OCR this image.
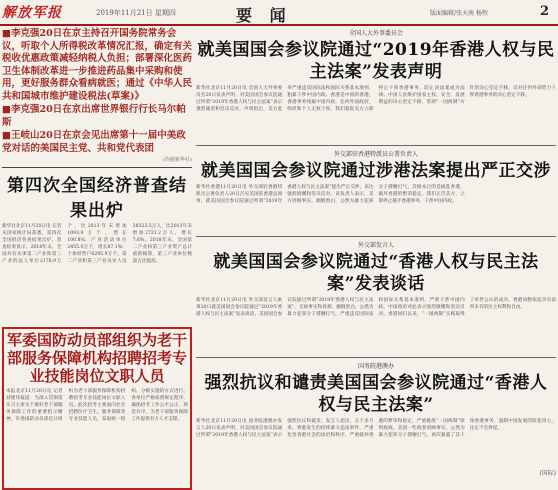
解放军报	2019年11月21日 星期四	要 闻	版面编辑/张天南 杨煦	2

■李克强20日在京主持召开国务院常务会议，听取个人所得税改革情况汇报，确定有关税收优惠政策减轻纳税人负担；部署深化医药卫生体制改革进一步推进药品集中采购和使用，更好服务群众看病就医；通过《中华人民共和国城市维护建设税法(草案)》

■李克强20日在京出席世界银行行长马尔帕斯

■王岐山20日在京会见出席第十一届中美政党对话的美国民主党、共和党代表团

(均据新华社)
第四次全国经济普查结果出炉
新华社北京11月20日电 记者从国家统计局获悉，第四次全国经济普查结果出炉。普查结果显示，2018年末，全国共有从事第二产业和第三产业的法人单位2178.9万个，比2013年末增加1093.9万个，增长100.8%；产业活动单位2455.0万个，增长87.1%；个体经营户6295.9万个。第二产业和第三产业从业人员38323.5万人，比2013年末增加2721.2万人，增长7.6%。2018年末，全国第二产业和第三产业资产总计重新核算，第三产业单位数量占比提高。
军委国防动员部组织为老干部服务保障机构招聘招考专业技能岗位文职人员
本报北京11月20日电 记者刘建伟报道：为深入贯彻落实习主席关于做好老干部服务保障工作的重要指示精神，军委国防动员部近日组织为老干部服务保障机构招聘招考专业技能岗位文职人员。此次招考主要面向社会招聘医疗卫生、服务保障等专业技能人员，采取统一组织、分级实施的方式进行。各单位严格按照规定程序，确保招考工作公平公正、规范有序，为老干部服务保障工作提供有力人才支撑。
全国人大外事委员会
就美国国会参议院通过“2019年香港人权与民主法案”发表声明
新华社北京11月20日电 全国人大外事委员会20日发表声明，对美国国会参议院通过所谓“2019年香港人权与民主法案”表示强烈谴责和坚决反对。声明指出，美方此举严重违反国际法和国际关系基本准则，粗暴干涉中国内政。香港是中国的香港，香港事务纯属中国内政，任何外国政府、组织和个人无权干预。我们敦促美方立即停止干预香港事务，防止该法案成为法律。中国人民维护国家主权、安全、发展利益的决心坚定不移，贯彻“一国两制”方针的决心坚定不移，反对任何外部势力干涉香港事务的决心坚定不移。
外交部驻香港特派员公署负责人
就美国国会参议院通过涉港法案提出严正交涉
新华社香港11月20日电 外交部驻香港特派员公署负责人20日召见美国驻香港总领事，就美国国会参议院通过所谓“2019年香港人权与民主法案”提出严正交涉，表达强烈愤慨和坚决反对。该负责人表示，美方罔顾事实，颠倒黑白，公然为暴力犯罪分子撑腰打气，其根本目的是搞乱香港，破坏香港的繁荣稳定。我们正告美方，立即停止插手香港事务、干涉中国内政。
外交部发言人
就美国国会参议院通过“香港人权与民主法案”发表谈话
新华社北京11月20日电 外交部发言人耿爽20日就美国国会参议院通过“2019年香港人权与民主法案”发表谈话。美国国会参议院通过所谓“2019年香港人权与民主法案”，无视事实和真相，颠倒黑白，公然为暴力犯罪分子撑腰打气，严重违反国际法和国际关系基本准则，严重干涉中国内政。中国政府对此表示强烈愤慨和坚决反对。香港回归以来，“一国两制”实践取得了举世公认的成功，香港同胞依法享有前所未有的民主权利和自由。
国务院港澳办
强烈抗议和谴责美国国会参议院通过“香港人权与民主法案”
新华社北京11月20日电 国务院港澳办发言人20日发表声明，对美国国会参议院通过所谓“2019年香港人权与民主法案”表示强烈抗议和谴责。发言人指出，五个多月来，香港发生的持续暴力违法事件，严重危害香港社会的法治和秩序，严重破坏香港的繁荣和稳定，严重挑战“一国两制”原则底线。美国一些政客罔顾事实，公然为暴力犯罪分子撑腰打气，再次暴露了其干预香港事务、遏制中国发展的险恶用心，注定不会得逞。
(国际)
